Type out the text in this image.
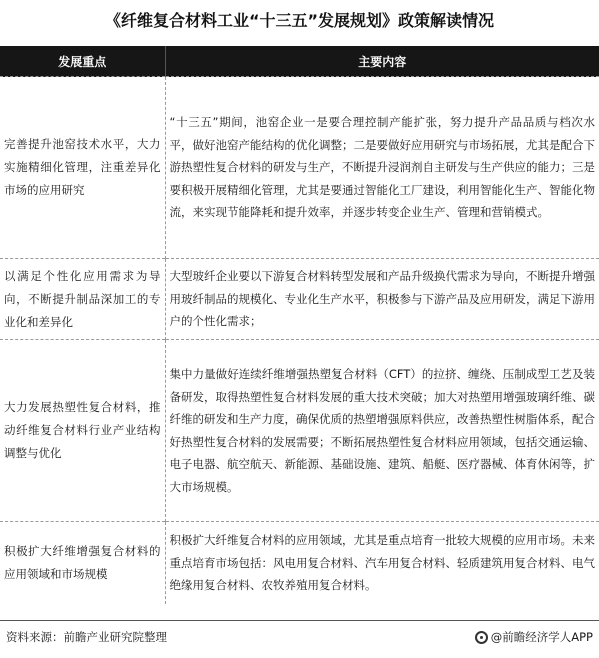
《纤维复合材料工业“十三五”发展规划》政策解读情况
发展重点	主要内容
完善提升池窑技术水平，大力实施精细化管理，注重差异化市场的应用研究	“十三五”期间，池窑企业一是要合理控制产能扩张，努力提升产品品质与档次水平，做好池窑产能结构的优化调整；二是要做好应用研究与市场拓展，尤其是配合下游热塑性复合材料的研发与生产，不断提升浸润剂自主研发与生产供应的能力；三是要积极开展精细化管理，尤其是要通过智能化工厂建设，利用智能化生产、智能化物流，来实现节能降耗和提升效率，并逐步转变企业生产、管理和营销模式。
以满足个性化应用需求为导向，不断提升制品深加工的专业化和差异化	大型玻纤企业要以下游复合材料转型发展和产品升级换代需求为导向，不断提升增强用玻纤制品的规模化、专业化生产水平，积极参与下游产品及应用研发，满足下游用户的个性化需求；
大力发展热塑性复合材料，推动纤维复合材料行业产业结构调整与优化	集中力量做好连续纤维增强热塑复合材料（CFT）的拉挤、缠绕、压制成型工艺及装备研发，取得热塑性复合材料发展的重大技术突破；加大对热塑用增强玻璃纤维、碳纤维的研发和生产力度，确保优质的热塑增强原料供应，改善热塑性树脂体系，配合好热塑性复合材料的发展需要；不断拓展热塑性复合材料应用领域，包括交通运输、电子电器、航空航天、新能源、基础设施、建筑、船艇、医疗器械、体育休闲等，扩大市场规模。
积极扩大纤维增强复合材料的应用领域和市场规模	积极扩大纤维复合材料的应用领域，尤其是重点培育一批较大规模的应用市场。未来重点培育市场包括：风电用复合材料、汽车用复合材料、轻质建筑用复合材料、电气绝缘用复合材料、农牧养殖用复合材料。
资料来源：前瞻产业研究院整理	@前瞻经济学人APP
